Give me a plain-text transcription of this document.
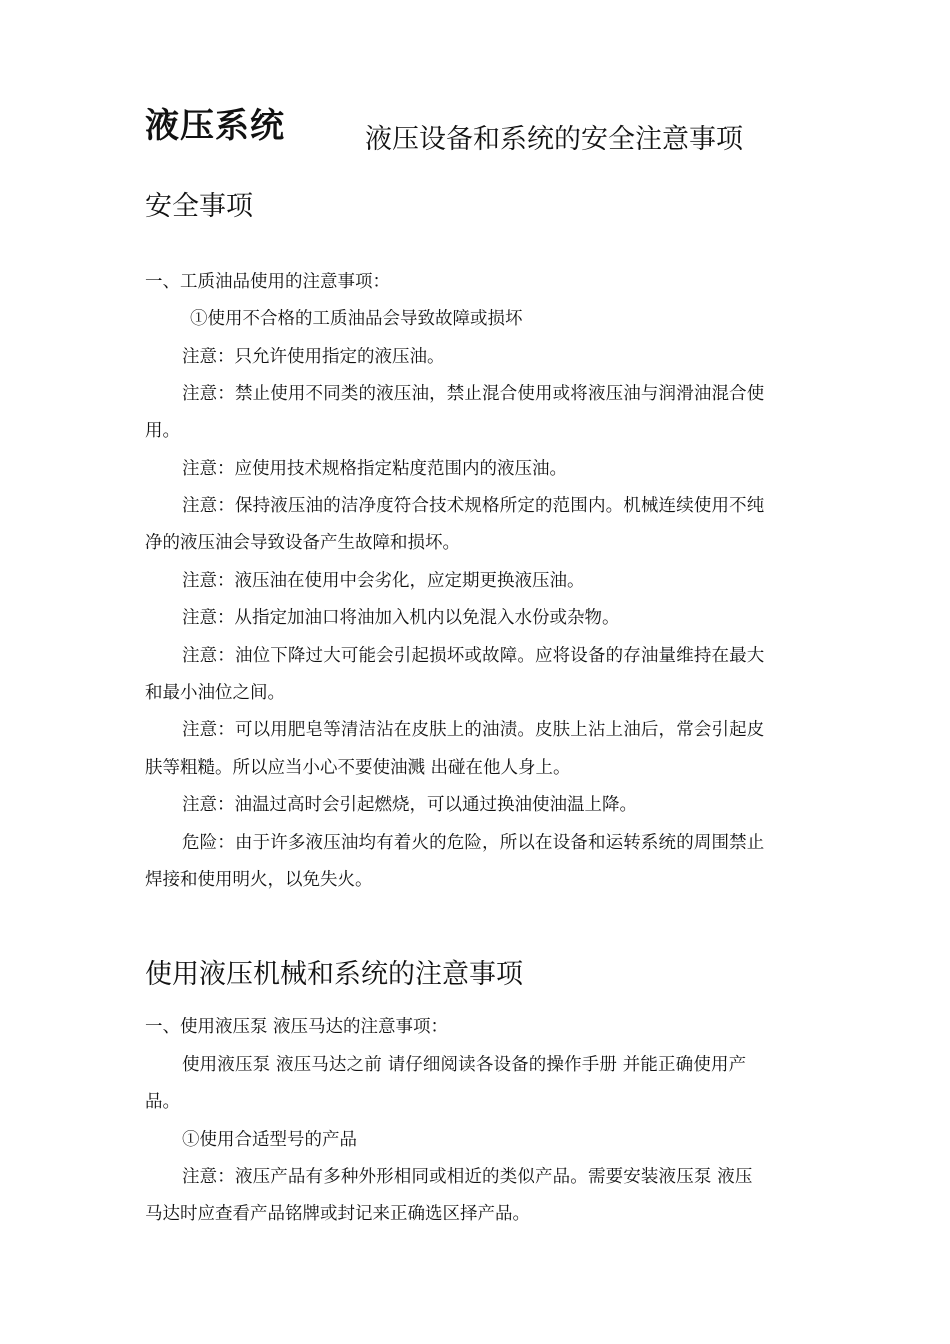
液压系统	液压设备和系统的安全注意事项
安全事项
一、工质油品使用的注意事项：
①使用不合格的工质油品会导致故障或损坏
注意：只允许使用指定的液压油。
注意：禁止使用不同类的液压油，禁止混合使用或将液压油与润滑油混合使
用。
注意：应使用技术规格指定粘度范围内的液压油。
注意：保持液压油的洁净度符合技术规格所定的范围内。机械连续使用不纯
净的液压油会导致设备产生故障和损坏。
注意：液压油在使用中会劣化，应定期更换液压油。
注意：从指定加油口将油加入机内以免混入水份或杂物。
注意：油位下降过大可能会引起损坏或故障。应将设备的存油量维持在最大
和最小油位之间。
注意：可以用肥皂等清洁沾在皮肤上的油渍。皮肤上沾上油后，常会引起皮
肤等粗糙。所以应当小心不要使油溅 出碰在他人身上。
注意：油温过高时会引起燃烧，可以通过换油使油温上降。
危险：由于许多液压油均有着火的危险，所以在设备和运转系统的周围禁止
焊接和使用明火，以免失火。
使用液压机械和系统的注意事项
一、使用液压泵 液压马达的注意事项：
使用液压泵 液压马达之前 请仔细阅读各设备的操作手册 并能正确使用产
品。
①使用合适型号的产品
注意：液压产品有多种外形相同或相近的类似产品。需要安装液压泵 液压
马达时应查看产品铭牌或封记来正确选区择产品。
